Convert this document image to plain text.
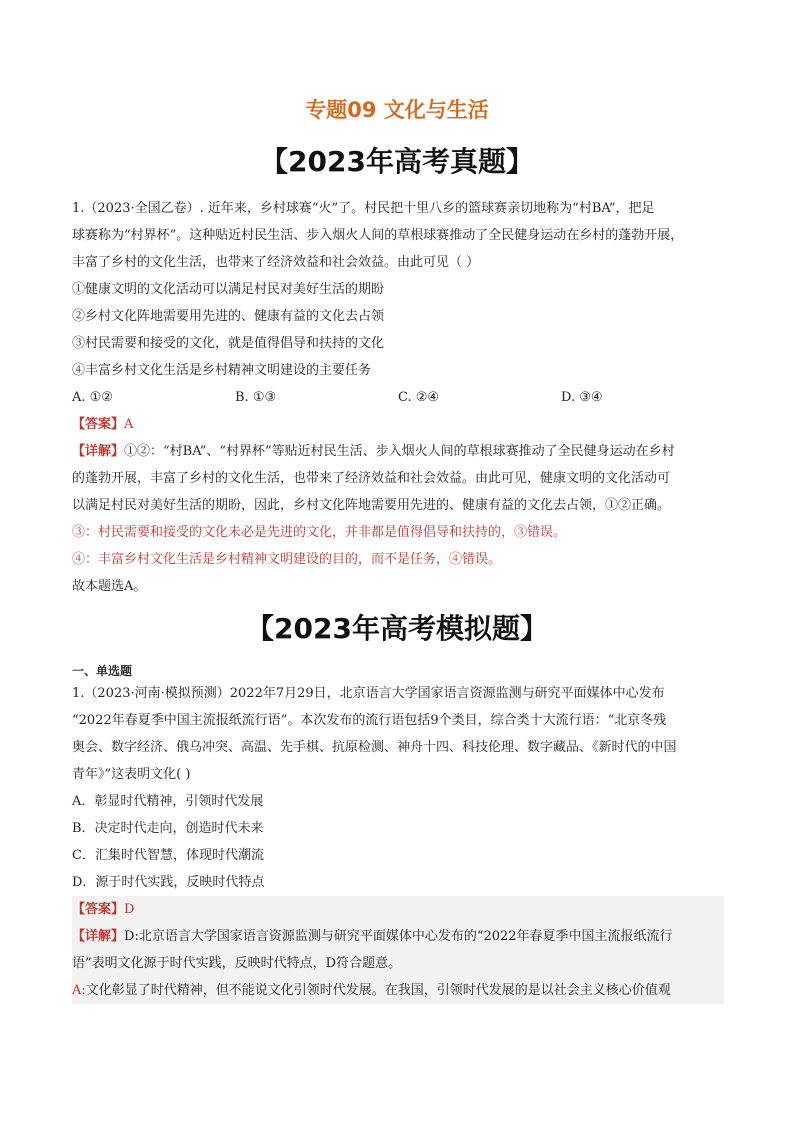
专题09 文化与生活
【2023年高考真题】
1.（2023·全国乙卷）. 近年来，乡村球赛“火”了。村民把十里八乡的篮球赛亲切地称为“村BA”，把足
球赛称为“村界杯”。这种贴近村民生活、步入烟火人间的草根球赛推动了全民健身运动在乡村的蓬勃开展，
丰富了乡村的文化生活，也带来了经济效益和社会效益。由此可见（ ）
①健康文明的文化活动可以满足村民对美好生活的期盼
②乡村文化阵地需要用先进的、健康有益的文化去占领
③村民需要和接受的文化，就是值得倡导和扶持的文化
④丰富乡村文化生活是乡村精神文明建设的主要任务
A. ①②	B. ①③	C. ②④	D. ③④
【答案】A
【详解】①②：“村BA”、“村界杯”等贴近村民生活、步入烟火人间的草根球赛推动了全民健身运动在乡村
的蓬勃开展，丰富了乡村的文化生活，也带来了经济效益和社会效益。由此可见，健康文明的文化活动可
以满足村民对美好生活的期盼，因此，乡村文化阵地需要用先进的、健康有益的文化去占领，①②正确。
③：村民需要和接受的文化未必是先进的文化，并非都是值得倡导和扶持的，③错误。
④：丰富乡村文化生活是乡村精神文明建设的目的，而不是任务，④错误。
故本题选A。
【2023年高考模拟题】
一、单选题
1.（2023·河南·模拟预测）2022年7月29日，北京语言大学国家语言资源监测与研究平面媒体中心发布
“2022年春夏季中国主流报纸流行语”。本次发布的流行语包括9个类目，综合类十大流行语：“北京冬残
奥会、数字经济、俄乌冲突、高温、先手棋、抗原检测、神舟十四、科技伦理、数字藏品、《新时代的中国
青年》”这表明文化( )
A．彰显时代精神，引领时代发展
B．决定时代走向，创造时代未来
C．汇集时代智慧，体现时代潮流
D．源于时代实践，反映时代特点
【答案】D
【详解】D:北京语言大学国家语言资源监测与研究平面媒体中心发布的“2022年春夏季中国主流报纸流行
语”表明文化源于时代实践，反映时代特点，D符合题意。
A:文化彰显了时代精神，但不能说文化引领时代发展。在我国，引领时代发展的是以社会主义核心价值观
